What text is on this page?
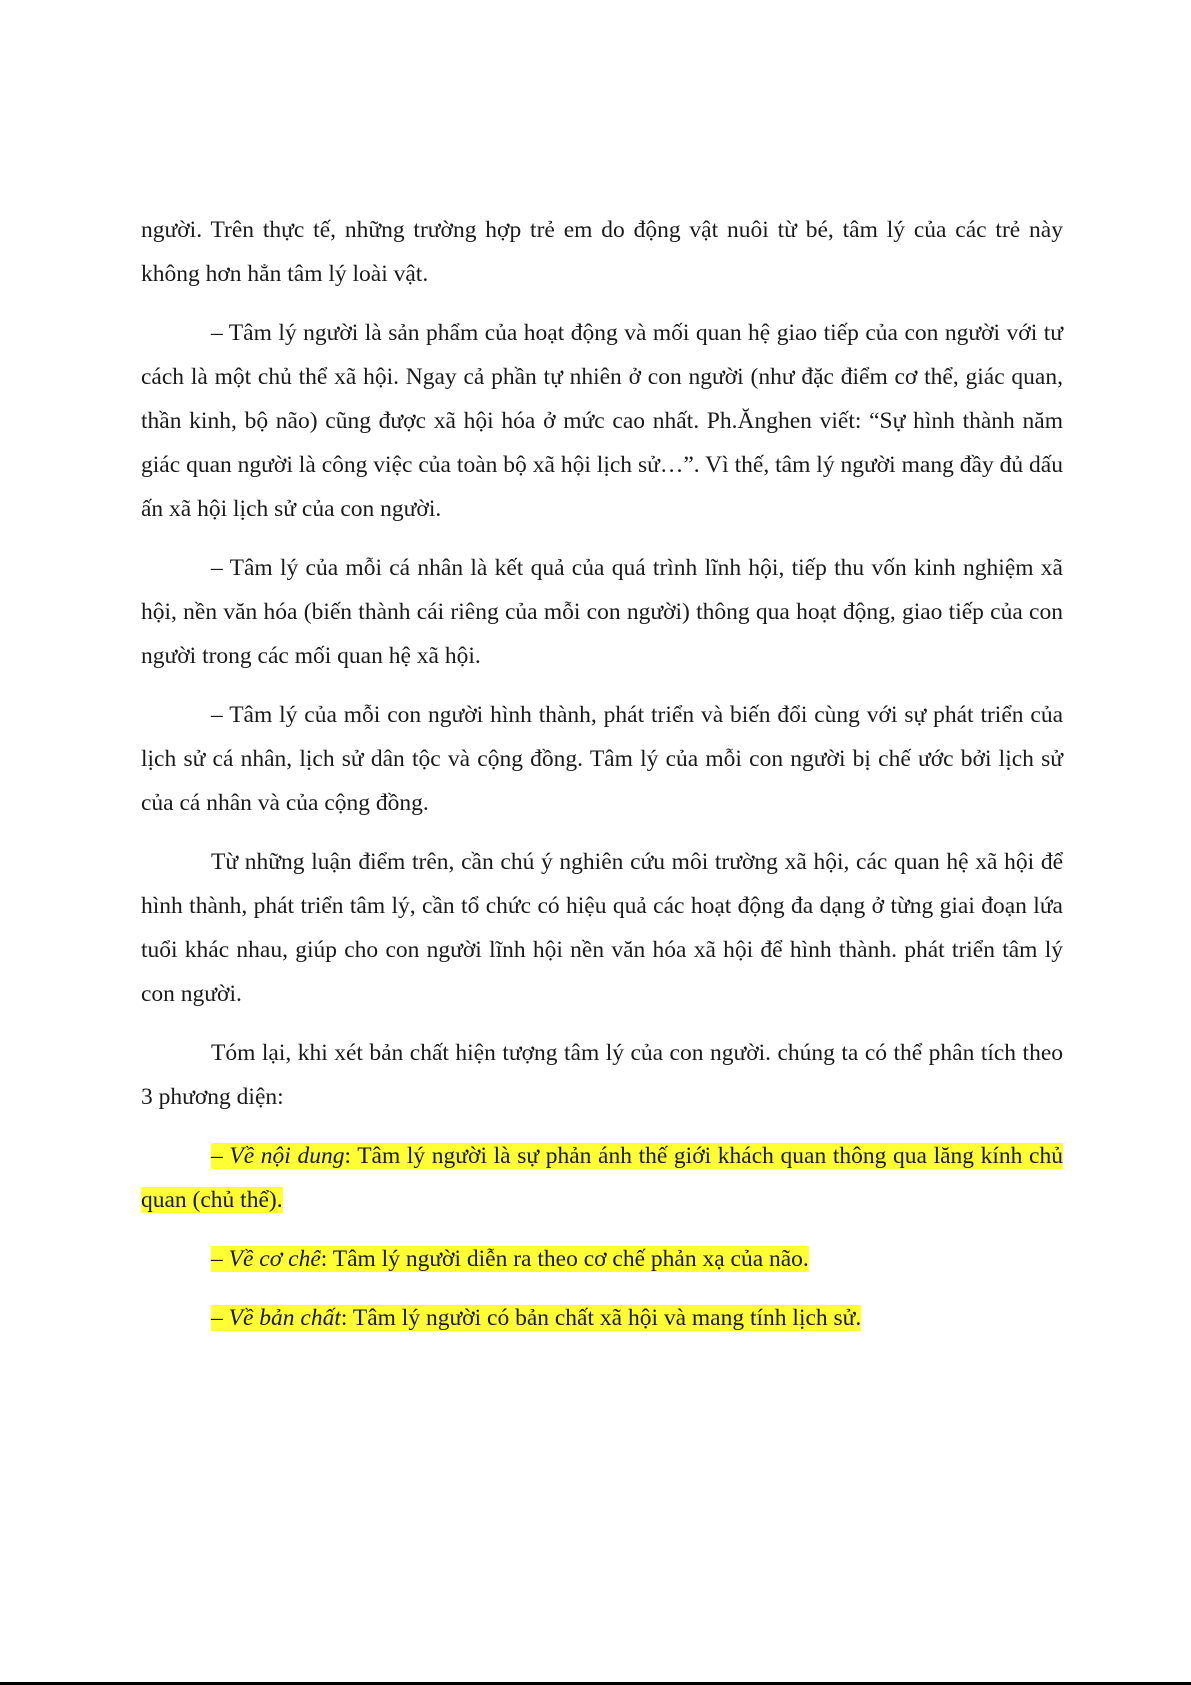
người. Trên thực tế, những trường hợp trẻ em do động vật nuôi từ bé, tâm lý của các trẻ này không hơn hẳn tâm lý loài vật.

– Tâm lý người là sản phẩm của hoạt động và mối quan hệ giao tiếp của con người với tư cách là một chủ thể xã hội. Ngay cả phần tự nhiên ở con người (như đặc điểm cơ thể, giác quan, thần kinh, bộ não) cũng được xã hội hóa ở mức cao nhất. Ph.Ănghen viết: “Sự hình thành năm giác quan người là công việc của toàn bộ xã hội lịch sử…”. Vì thế, tâm lý người mang đầy đủ dấu ấn xã hội lịch sử của con người.

– Tâm lý của mỗi cá nhân là kết quả của quá trình lĩnh hội, tiếp thu vốn kinh nghiệm xã hội, nền văn hóa (biến thành cái riêng của mỗi con người) thông qua hoạt động, giao tiếp của con người trong các mối quan hệ xã hội.

– Tâm lý của mỗi con người hình thành, phát triển và biến đổi cùng với sự phát triển của lịch sử cá nhân, lịch sử dân tộc và cộng đồng. Tâm lý của mỗi con người bị chế ước bởi lịch sử của cá nhân và của cộng đồng.

Từ những luận điểm trên, cần chú ý nghiên cứu môi trường xã hội, các quan hệ xã hội để hình thành, phát triển tâm lý, cần tổ chức có hiệu quả các hoạt động đa dạng ở từng giai đoạn lứa tuổi khác nhau, giúp cho con người lĩnh hội nền văn hóa xã hội để hình thành. phát triển tâm lý con người.

Tóm lại, khi xét bản chất hiện tượng tâm lý của con người. chúng ta có thể phân tích theo 3 phương diện:

– Về nội dung: Tâm lý người là sự phản ánh thế giới khách quan thông qua lăng kính chủ quan (chủ thể).

– Về cơ chế: Tâm lý người diễn ra theo cơ chế phản xạ của não.

– Về bản chất: Tâm lý người có bản chất xã hội và mang tính lịch sử.
